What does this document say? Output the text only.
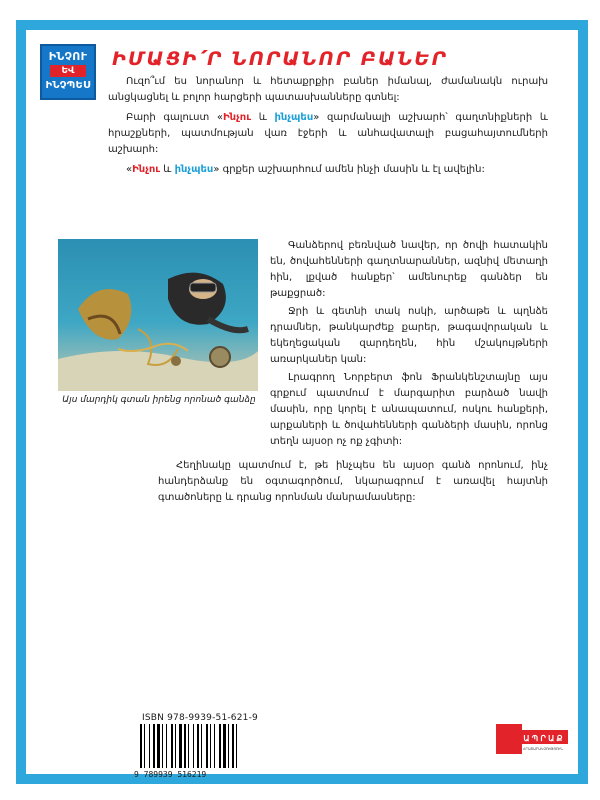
ԻՆՉՈՒ
ԵՎ
ԻՆՉՊԵՍ
ԻՄԱՑԻ՛Ր ՆՈՐԱՆՈՐ ԲԱՆԵՐ

Ուզո՞ւմ ես նորանոր և հետաքրքիր բաներ իմանալ, ժամանակն ուրախ անցկացնել և բոլոր հարցերի պատասխանները գտնել:

Բարի գալուստ «Ինչու և ինչպես» զարմանալի աշխարհ՝ գաղտնիքների և հրաշքների, պատմության վառ էջերի և անհավատալի բացահայտումների աշխարհ:

«Ինչու և ինչպես» գրքեր աշխարհում ամեն ինչի մասին և էլ ավելին:

Այս մարդիկ գտան իրենց որոնած գանձը

Գանձերով բեռնված նավեր, որ ծովի հատակին են, ծովահենների գաղտնարաններ, ազնիվ մետաղի հին, լքված հանքեր՝ ամենուրեք գանձեր են թաքցրած:

Ջրի և գետնի տակ ոսկի, արծաթե և պղնձե դրամներ, թանկարժեք քարեր, թագավորական և եկեղեցական զարդեղեն, հին մշակույթների առարկաներ կան:

Լրագրող Նորբերտ ֆոն Ֆրանկենշտայնը այս գրքում պատմում է մարգարիտ բարձած նավի մասին, որը կորել է անապատում, ոսկու հանքերի, արքաների և ծովահենների գանձերի մասին, որոնց տեղն այսօր ոչ ոք չգիտի:

Հեղինակը պատմում է, թե ինչպես են այսօր գանձ որոնում, ինչ հանդերձանք են օգտագործում, նկարագրում է առավել հայտնի գտածոները և դրանց որոնման մանրամասները:

ISBN 978-9939-51-621-9
9 789939 516219
Ա Պ Ր Ա Ք
ՀՐԱՏԱՐԱԿՉՈՒԹՅՈՒՆ
